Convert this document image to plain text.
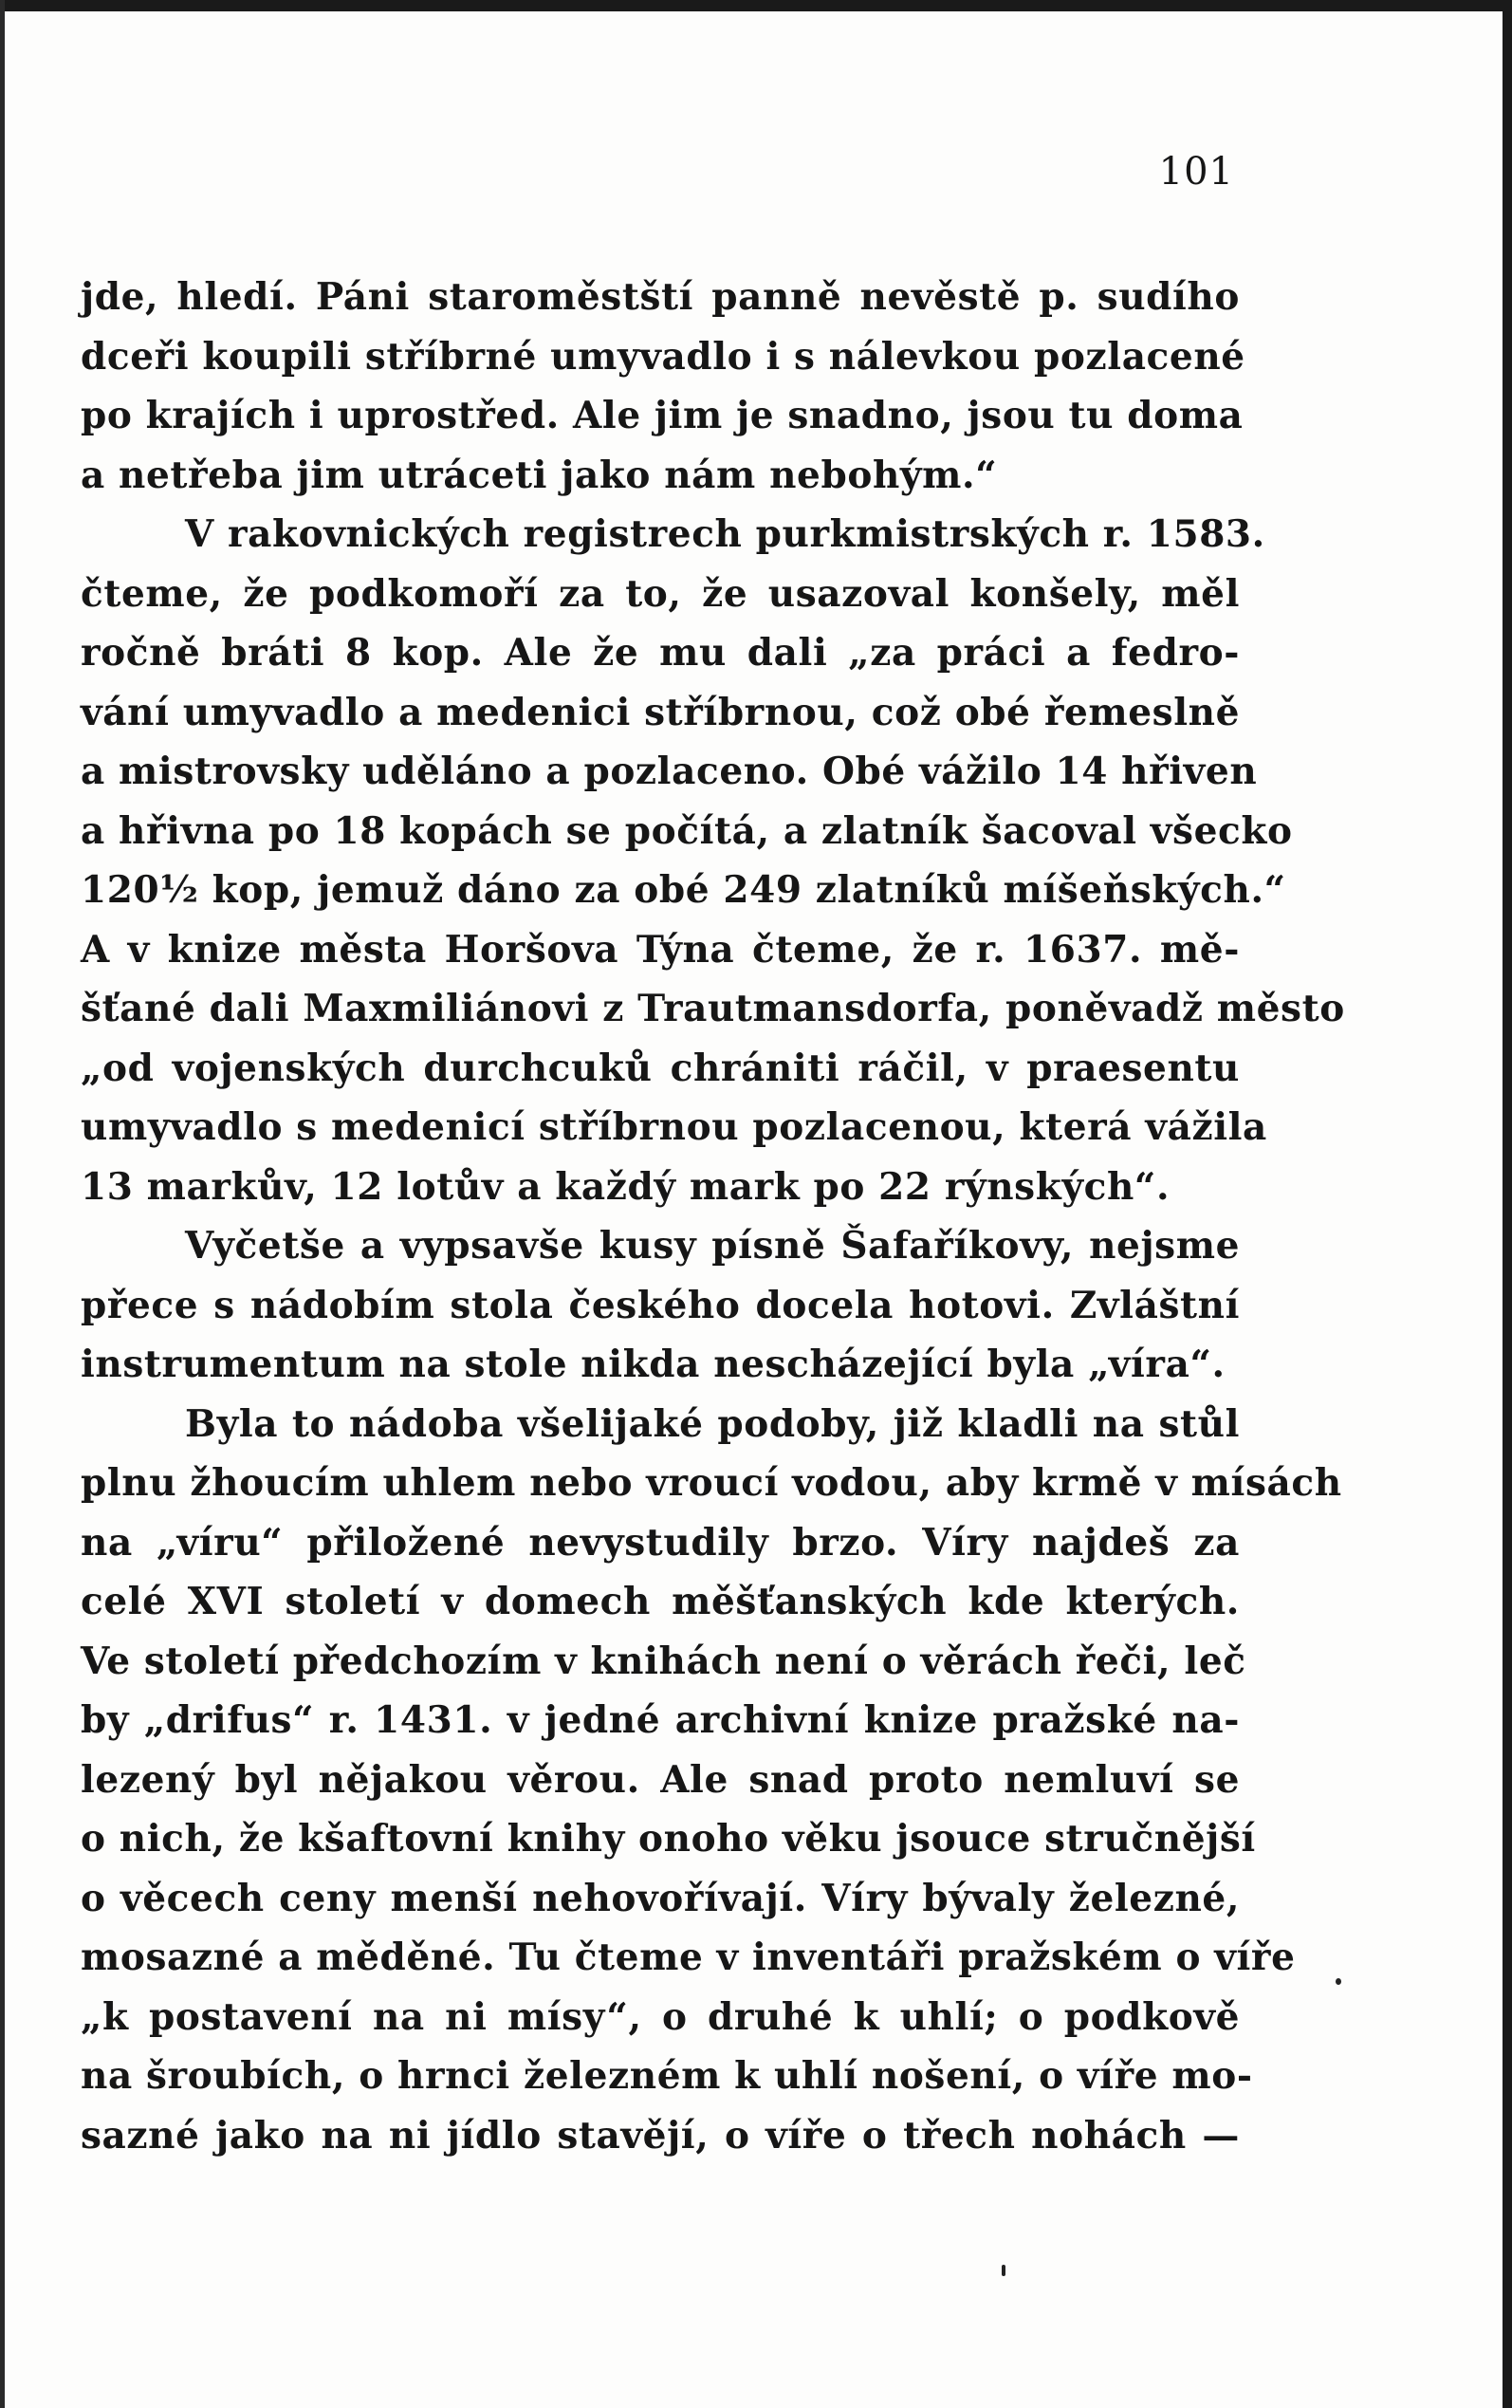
101
jde, hledí. Páni staroměstští panně nevěstě p. sudího
dceři koupili stříbrné umyvadlo i s nálevkou pozlacené
po krajích i uprostřed. Ale jim je snadno, jsou tu doma
a netřeba jim utráceti jako nám nebohým.“
V rakovnických registrech purkmistrských r. 1583.
čteme, že podkomoří za to, že usazoval konšely, měl
ročně bráti 8 kop. Ale že mu dali „za práci a fedro-
vání umyvadlo a medenici stříbrnou, což obé řemeslně
a mistrovsky uděláno a pozlaceno. Obé vážilo 14 hřiven
a hřivna po 18 kopách se počítá, a zlatník šacoval všecko
120½ kop, jemuž dáno za obé 249 zlatníků míšeňských.“
A v knize města Horšova Týna čteme, že r. 1637. mě-
šťané dali Maxmiliánovi z Trautmansdorfa, poněvadž město
„od vojenských durchcuků chrániti ráčil, v praesentu
umyvadlo s medenicí stříbrnou pozlacenou, která vážila
13 markův, 12 lotův a každý mark po 22 rýnských“.
Vyčetše a vypsavše kusy písně Šafaříkovy, nejsme
přece s nádobím stola českého docela hotovi. Zvláštní
instrumentum na stole nikda nescházející byla „víra“.
Byla to nádoba všelijaké podoby, již kladli na stůl
plnu žhoucím uhlem nebo vroucí vodou, aby krmě v mísách
na „víru“ přiložené nevystudily brzo. Víry najdeš za
celé XVI století v domech měšťanských kde kterých.
Ve století předchozím v knihách není o věrách řeči, leč
by „drifus“ r. 1431. v jedné archivní knize pražské na-
lezený byl nějakou věrou. Ale snad proto nemluví se
o nich, že kšaftovní knihy onoho věku jsouce stručnější
o věcech ceny menší nehovořívají. Víry bývaly železné,
mosazné a měděné. Tu čteme v inventáři pražském o víře
„k postavení na ni mísy“, o druhé k uhlí; o podkově
na šroubích, o hrnci železném k uhlí nošení, o víře mo-
sazné jako na ni jídlo stavějí, o víře o třech nohách —
